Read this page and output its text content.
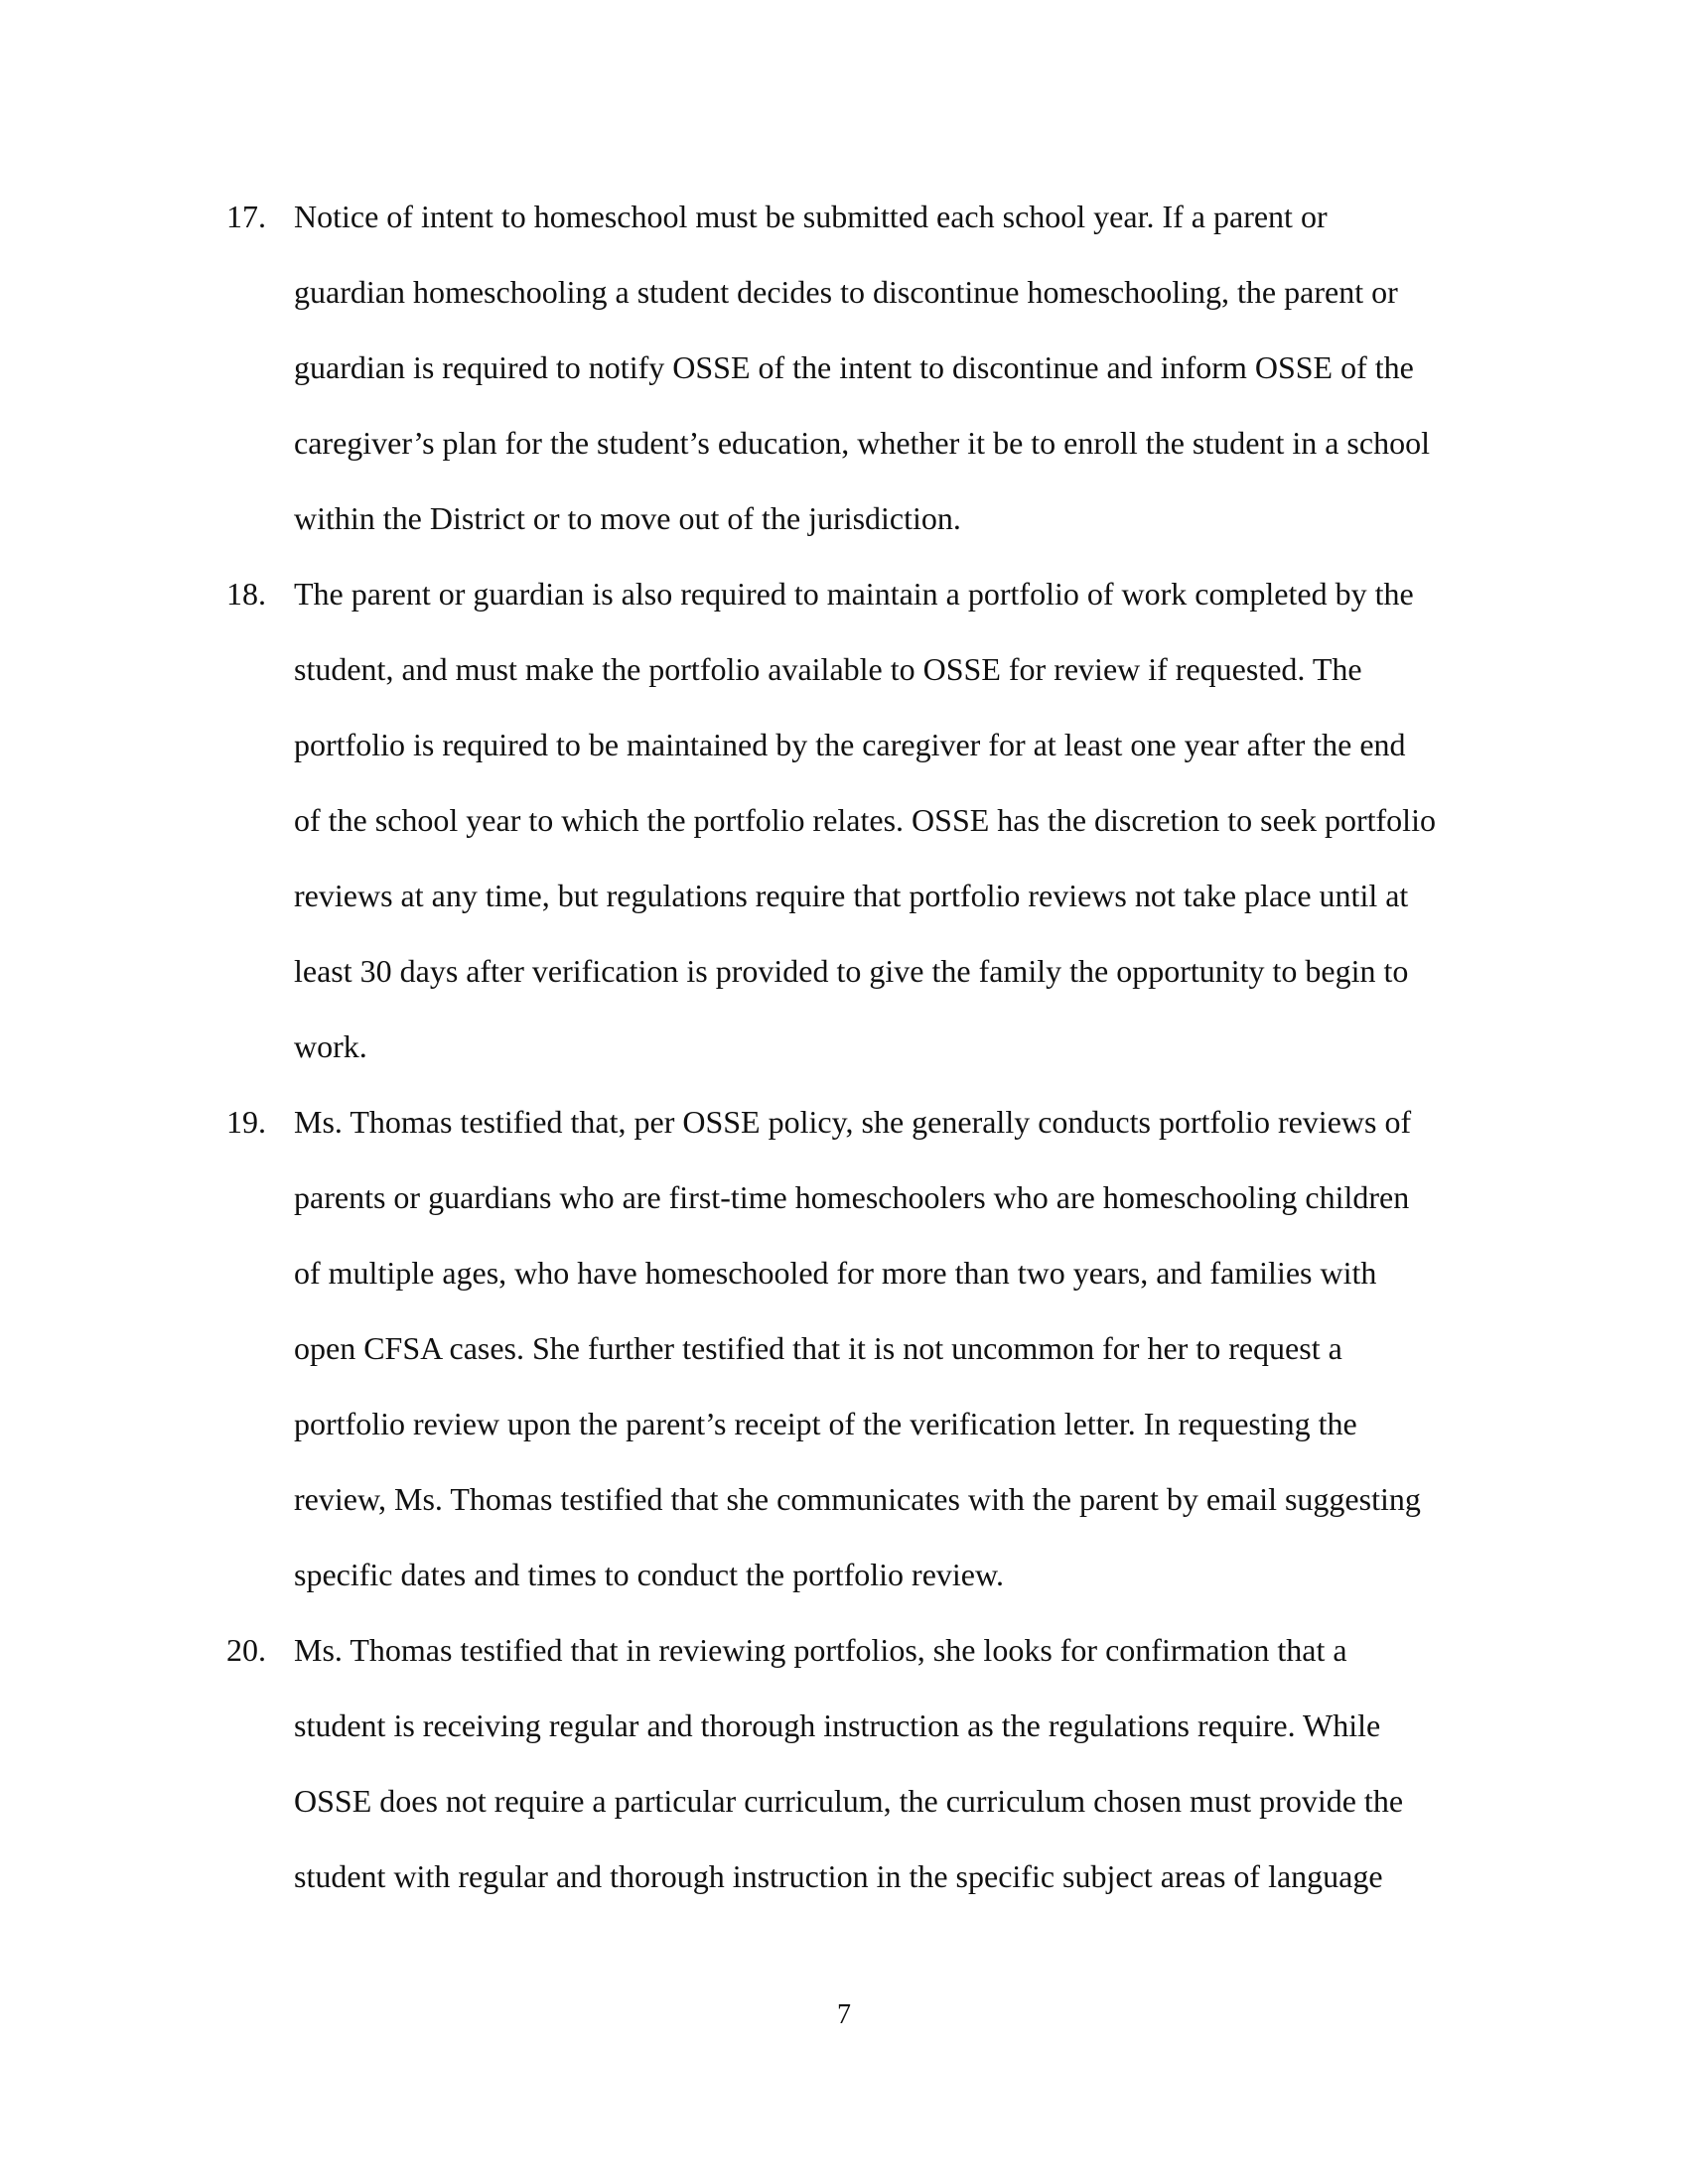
17. Notice of intent to homeschool must be submitted each school year. If a parent or
guardian homeschooling a student decides to discontinue homeschooling, the parent or
guardian is required to notify OSSE of the intent to discontinue and inform OSSE of the
caregiver’s plan for the student’s education, whether it be to enroll the student in a school
within the District or to move out of the jurisdiction.
18. The parent or guardian is also required to maintain a portfolio of work completed by the
student, and must make the portfolio available to OSSE for review if requested. The
portfolio is required to be maintained by the caregiver for at least one year after the end
of the school year to which the portfolio relates. OSSE has the discretion to seek portfolio
reviews at any time, but regulations require that portfolio reviews not take place until at
least 30 days after verification is provided to give the family the opportunity to begin to
work.
19. Ms. Thomas testified that, per OSSE policy, she generally conducts portfolio reviews of
parents or guardians who are first-time homeschoolers who are homeschooling children
of multiple ages, who have homeschooled for more than two years, and families with
open CFSA cases. She further testified that it is not uncommon for her to request a
portfolio review upon the parent’s receipt of the verification letter. In requesting the
review, Ms. Thomas testified that she communicates with the parent by email suggesting
specific dates and times to conduct the portfolio review.
20. Ms. Thomas testified that in reviewing portfolios, she looks for confirmation that a
student is receiving regular and thorough instruction as the regulations require. While
OSSE does not require a particular curriculum, the curriculum chosen must provide the
student with regular and thorough instruction in the specific subject areas of language
7
